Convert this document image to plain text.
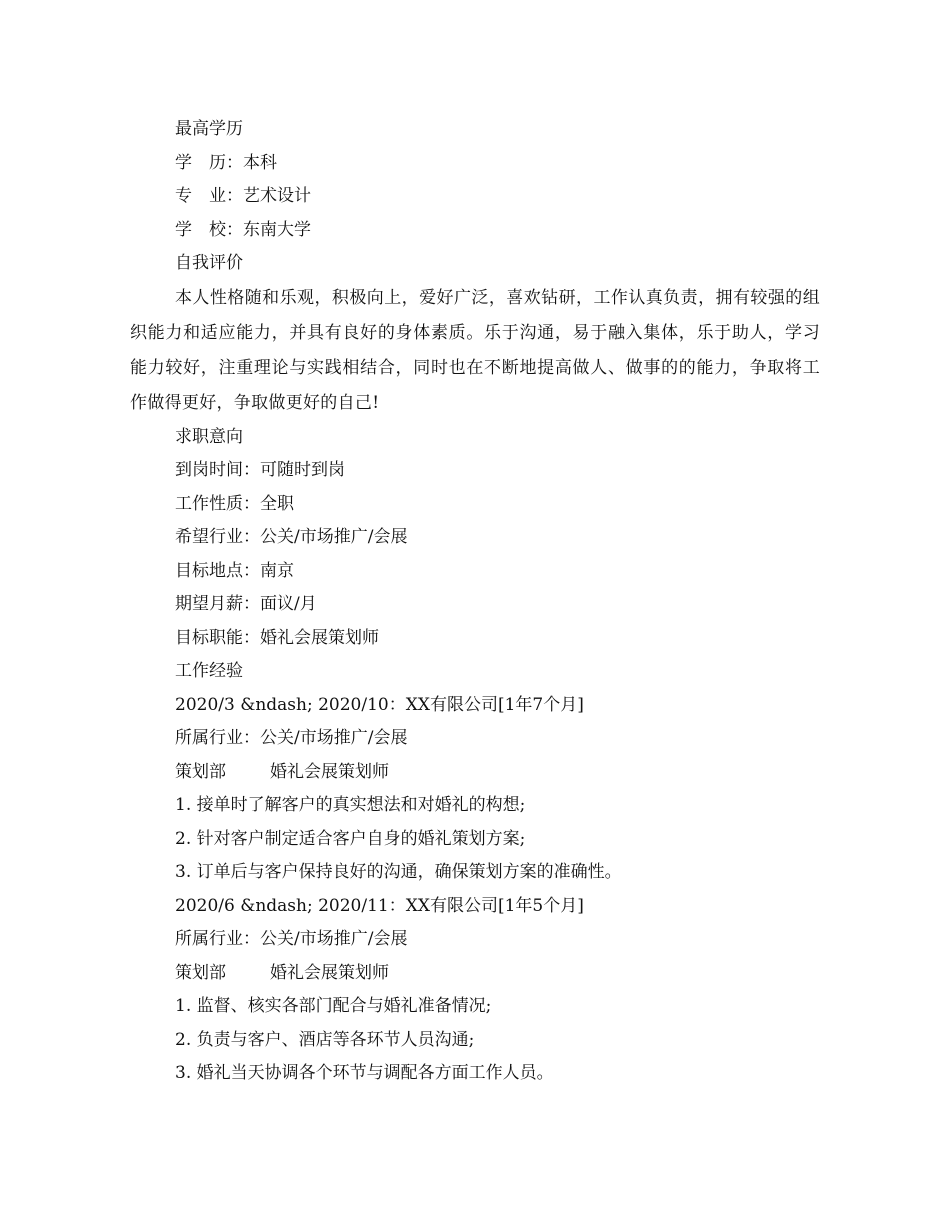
最高学历
学　历：本科
专　业：艺术设计
学　校：东南大学
自我评价
本人性格随和乐观，积极向上，爱好广泛，喜欢钻研，工作认真负责，拥有较强的组织能力和适应能力，并具有良好的身体素质。乐于沟通，易于融入集体，乐于助人，学习能力较好，注重理论与实践相结合，同时也在不断地提高做人、做事的的能力，争取将工作做得更好，争取做更好的自己!
求职意向
到岗时间：可随时到岗
工作性质：全职
希望行业：公关/市场推广/会展
目标地点：南京
期望月薪：面议/月
目标职能：婚礼会展策划师
工作经验
2020/3 &ndash; 2020/10：XX有限公司[1年7个月]
所属行业：公关/市场推广/会展
策划部	婚礼会展策划师
1. 接单时了解客户的真实想法和对婚礼的构想;
2. 针对客户制定适合客户自身的婚礼策划方案;
3. 订单后与客户保持良好的沟通，确保策划方案的准确性。
2020/6 &ndash; 2020/11：XX有限公司[1年5个月]
所属行业：公关/市场推广/会展
策划部	婚礼会展策划师
1. 监督、核实各部门配合与婚礼准备情况;
2. 负责与客户、酒店等各环节人员沟通;
3. 婚礼当天协调各个环节与调配各方面工作人员。
